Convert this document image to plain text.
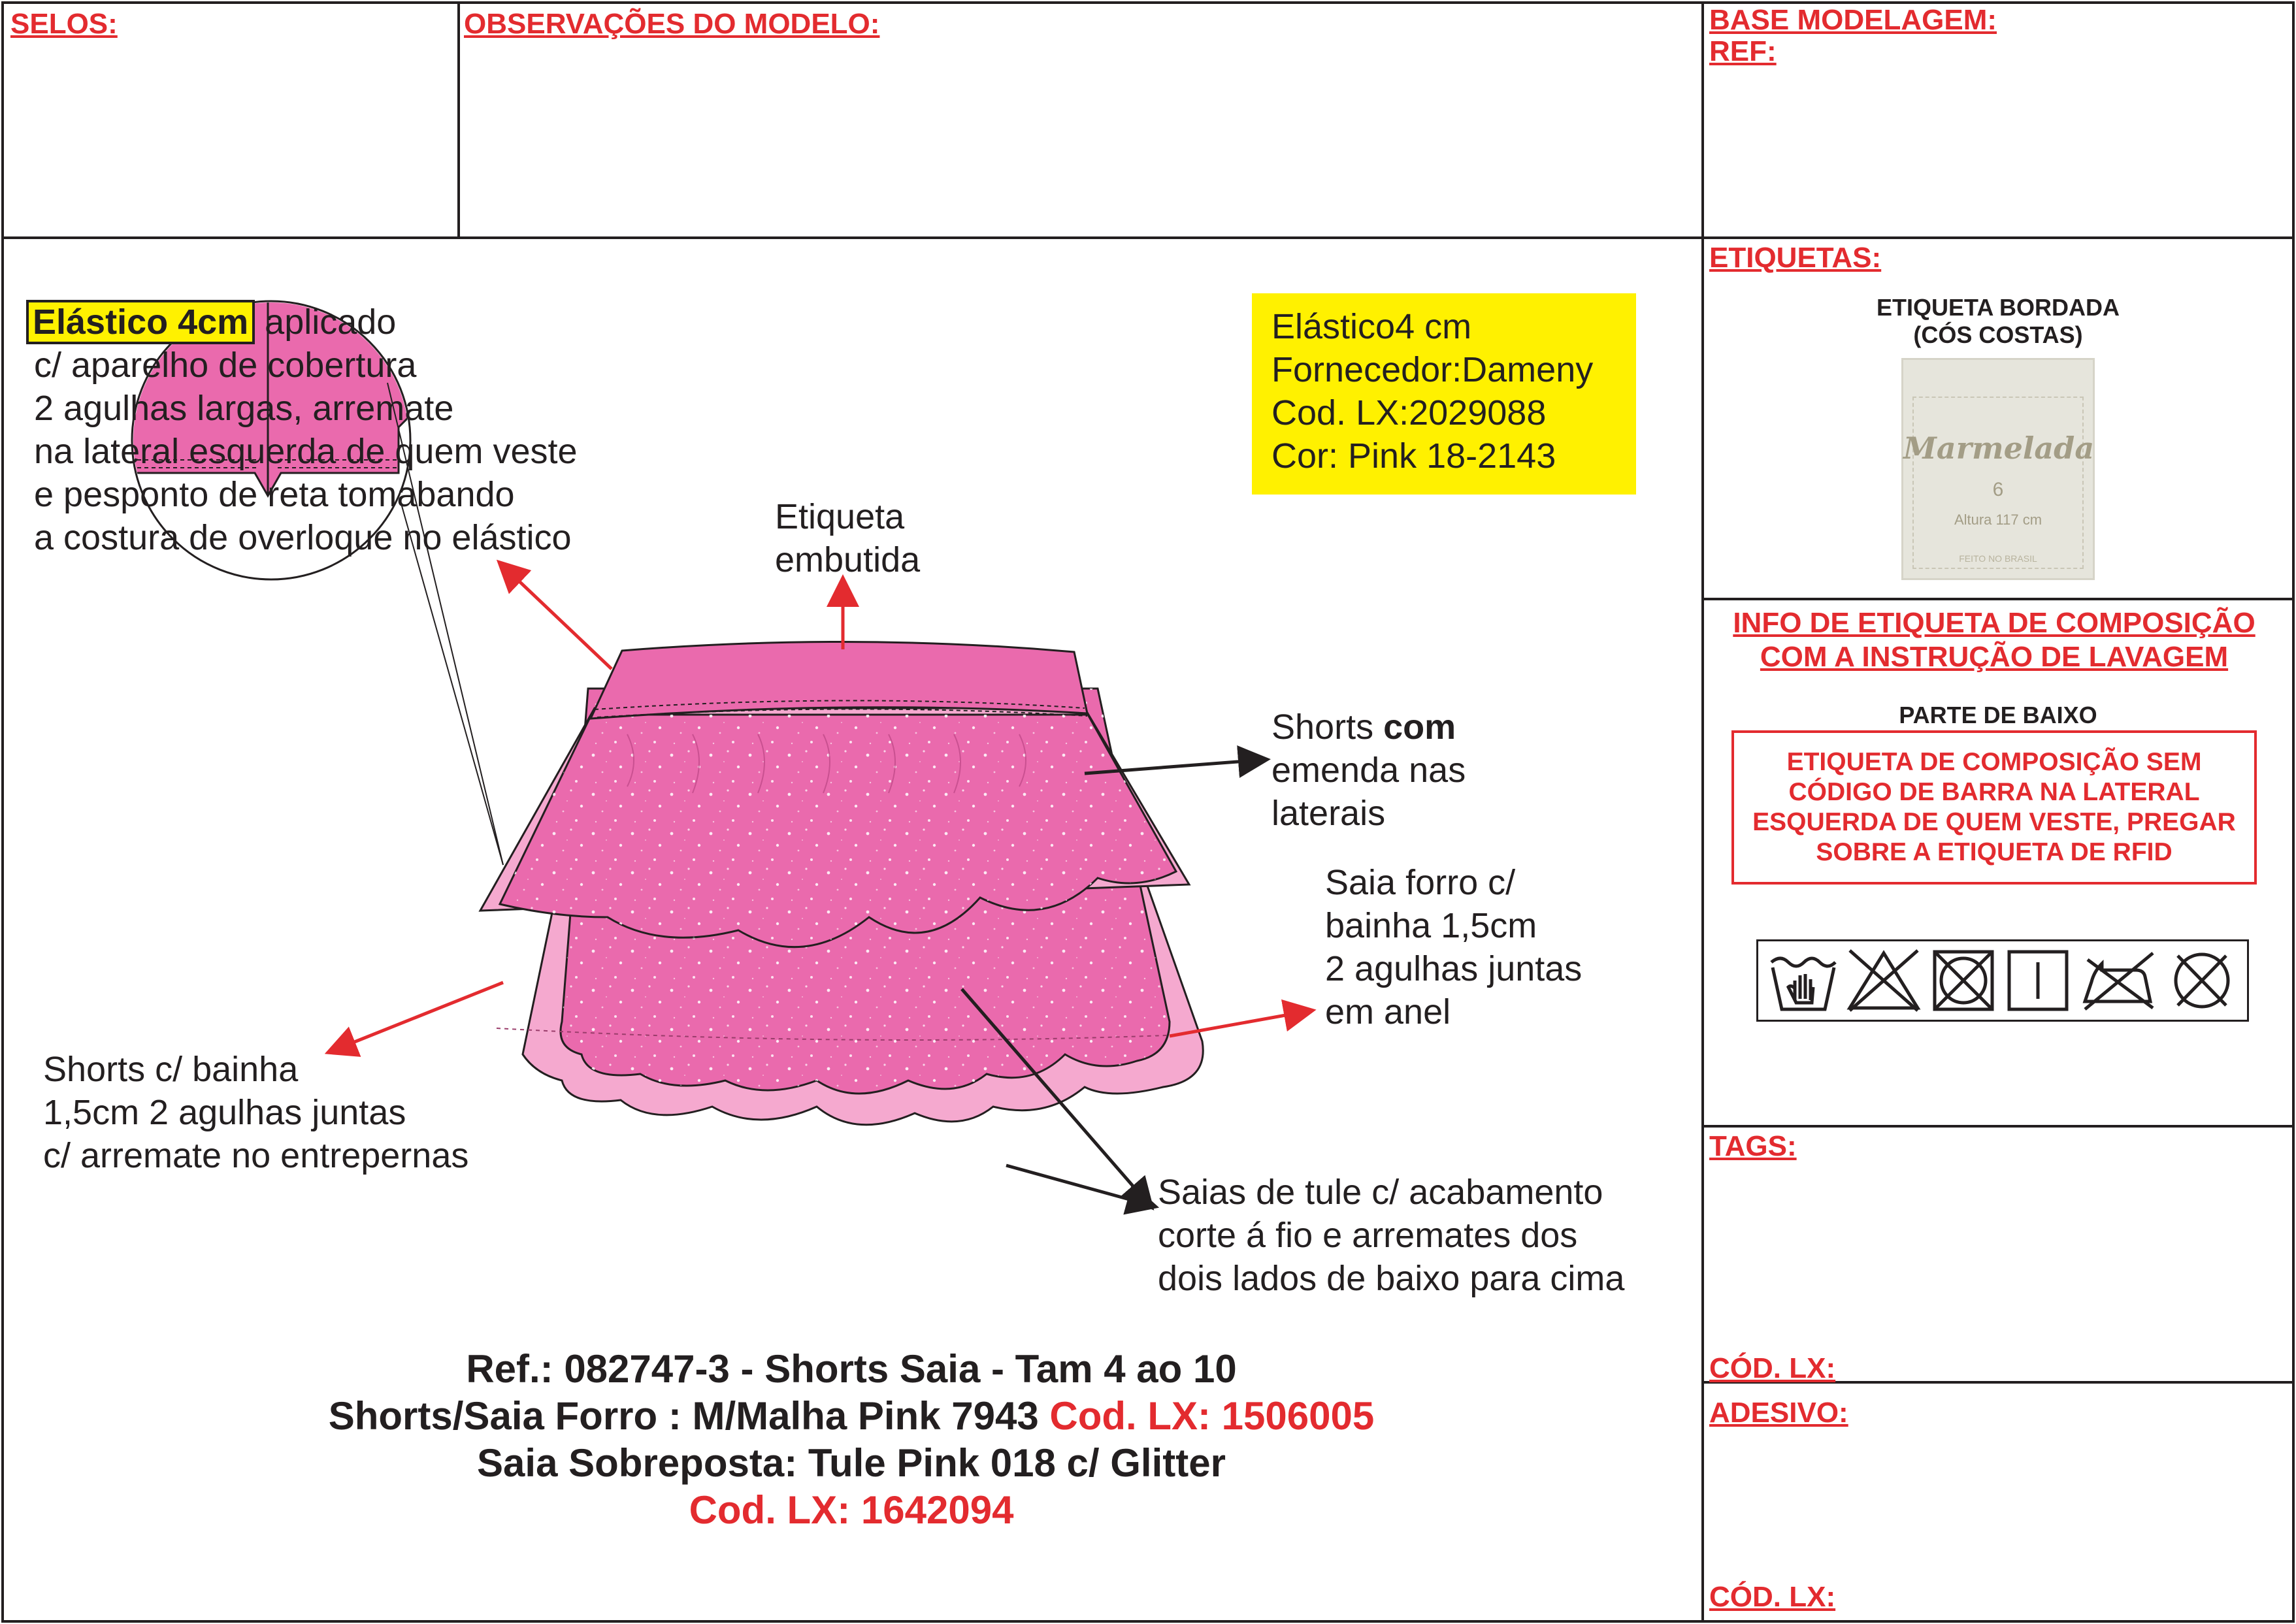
SELOS:	OBSERVAÇÕES DO MODELO:	BASE MODELAGEM:
REF:
ETIQUETAS:
ETIQUETA BORDADA
(CÓS COSTAS)
Marmelada
6
Altura 117 cm
FEITO NO BRASIL
INFO DE ETIQUETA DE COMPOSIÇÃO
COM A INSTRUÇÃO DE LAVAGEM
PARTE DE BAIXO
ETIQUETA DE COMPOSIÇÃO SEM
CÓDIGO DE BARRA NA LATERAL
ESQUERDA DE QUEM VESTE, PREGAR
SOBRE A ETIQUETA DE RFID
TAGS:
CÓD. LX:
ADESIVO:
CÓD. LX:
Elástico 4cm aplicado
c/ aparelho de cobertura
2 agulhas largas, arremate
na lateral esquerda de quem veste
e pesponto de reta tomabando
a costura de overloque no elástico
Etiqueta
embutida
Elástico4 cm
Fornecedor:Dameny
Cod. LX:2029088
Cor: Pink 18-2143
Shorts com
emenda nas
laterais
Saia forro c/
bainha 1,5cm
2 agulhas juntas
em anel
Shorts c/ bainha
1,5cm 2 agulhas juntas
c/ arremate no entrepernas
Saias de tule c/ acabamento
corte á fio e arremates dos
dois lados de baixo para cima
Ref.: 082747-3 - Shorts Saia - Tam 4 ao 10
Shorts/Saia Forro : M/Malha Pink 7943 Cod. LX: 1506005
Saia Sobreposta: Tule Pink 018 c/ Glitter
Cod. LX: 1642094
